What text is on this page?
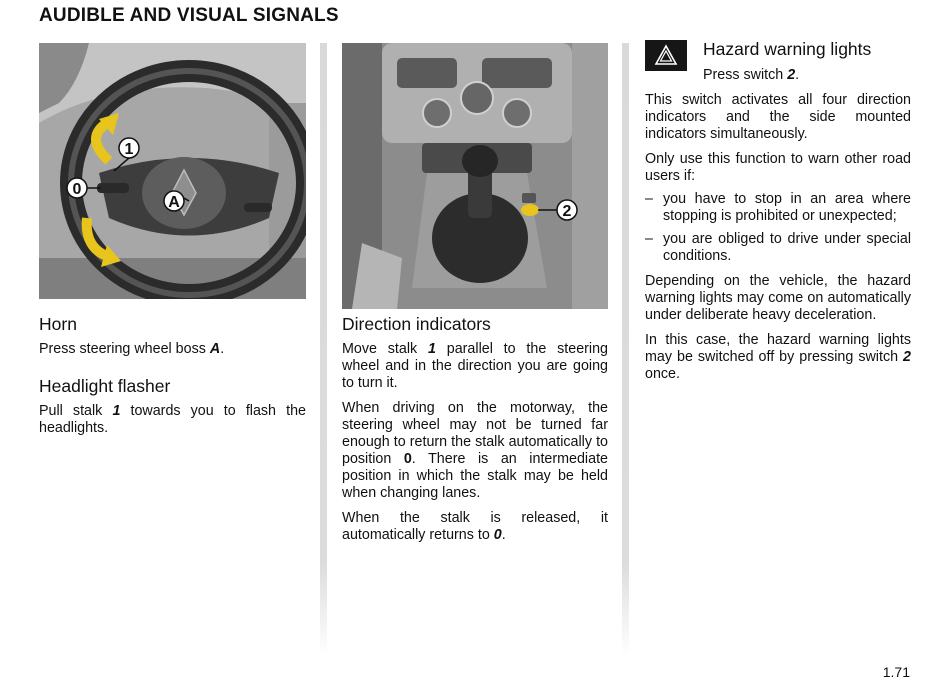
AUDIBLE AND VISUAL SIGNALS
1
0
A
2
Horn

Press steering wheel boss A.

Headlight flasher

Pull stalk 1 towards you to flash the headlights.

Direction indicators

Move stalk 1 parallel to the steering wheel and in the direction you are going to turn it.

When driving on the motorway, the steering wheel may not be turned far enough to return the stalk automatically to position 0. There is an intermediate position in which the stalk may be held when changing lanes.

When the stalk is released, it automatically returns to 0.

Hazard warning lights

Press switch 2.

This switch activates all four direction indicators and the side mounted indicators simultaneously.

Only use this function to warn other road users if:

– you have to stop in an area where stopping is prohibited or unexpected;
– you are obliged to drive under special conditions.

Depending on the vehicle, the hazard warning lights may come on automatically under deliberate heavy deceleration.

In this case, the hazard warning lights may be switched off by pressing switch 2 once.

1.71
